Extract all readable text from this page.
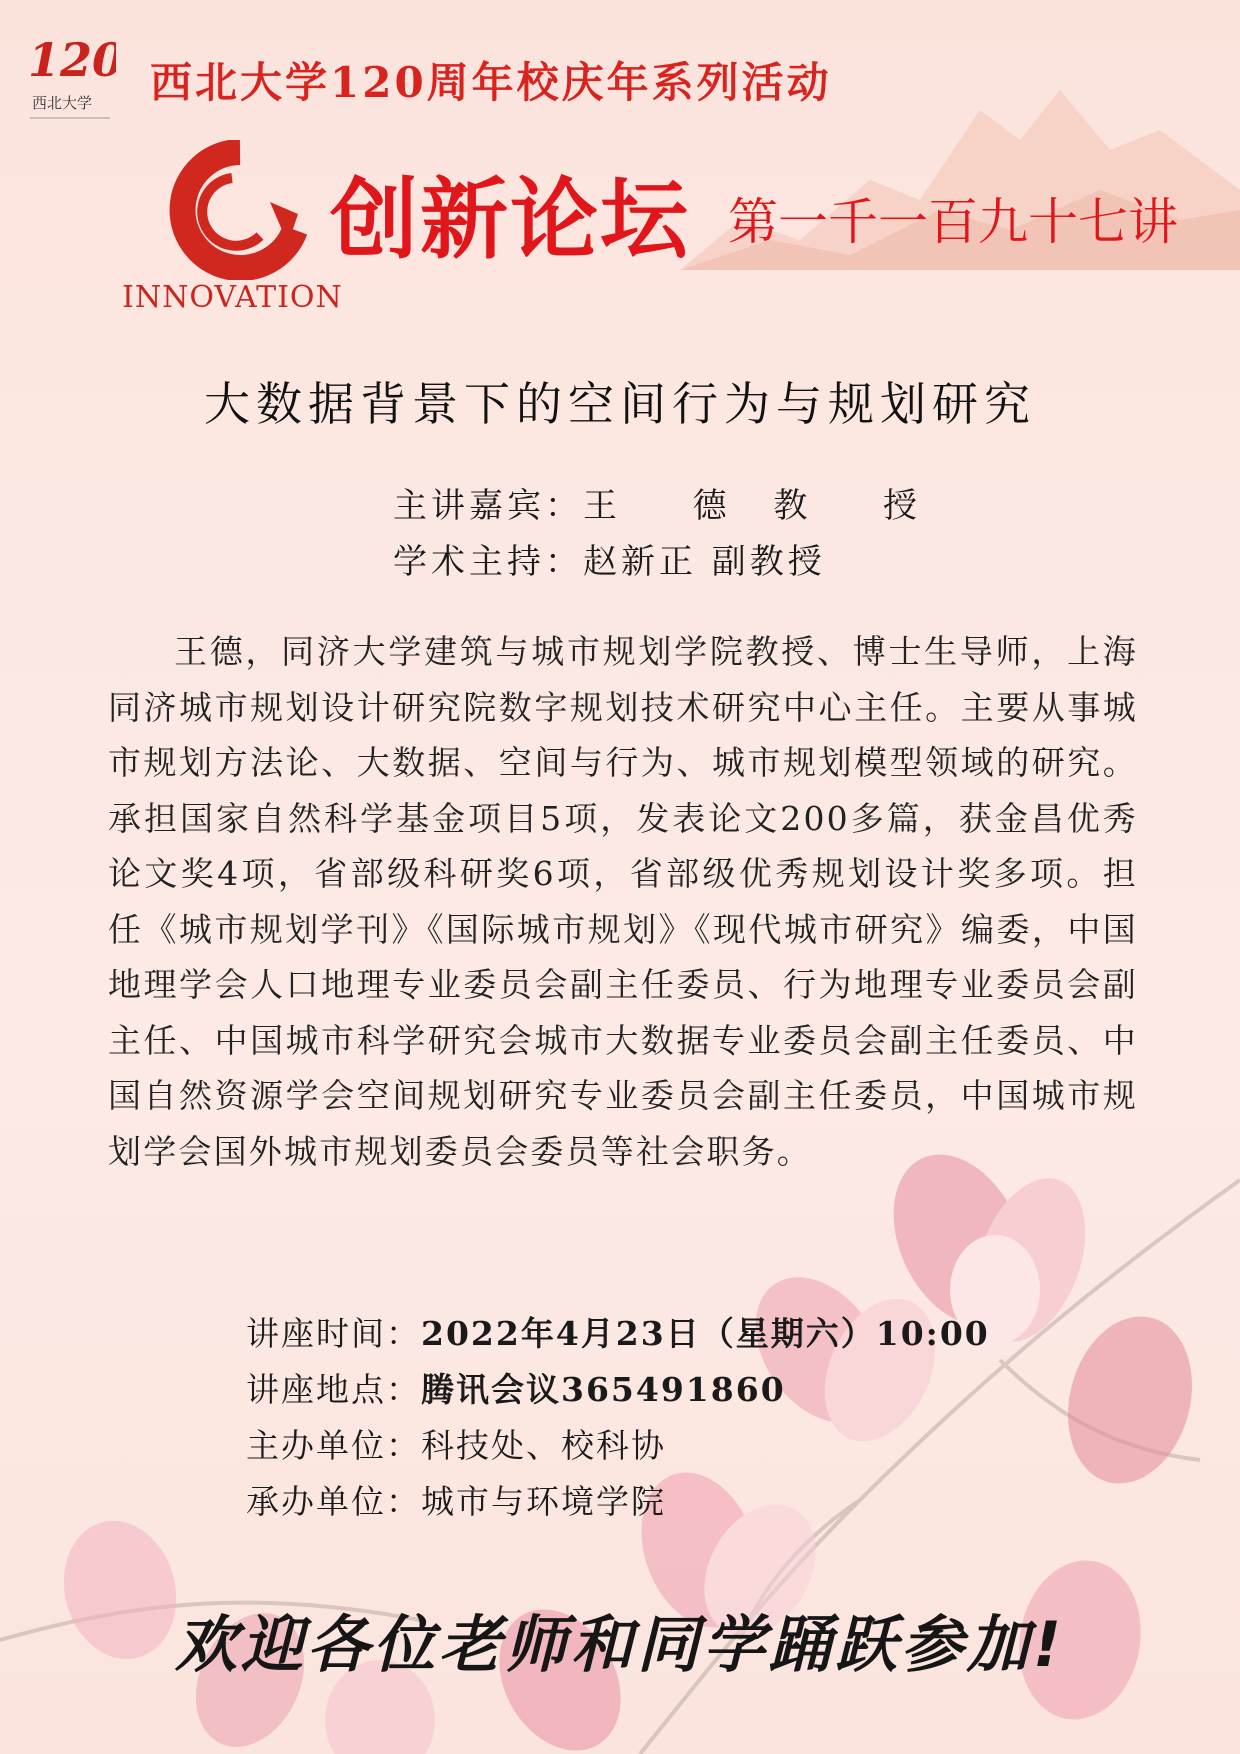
120
西北大学 西北大学120周年校庆年系列活动

INNOVATION

创新论坛 第一千一百九十七讲

大数据背景下的空间行为与规划研究
主讲嘉宾： 王  德 教  授
学术主持： 赵新正 副教授

王德，同济大学建筑与城市规划学院教授、博士生导师，上海同济城市规划设计研究院数字规划技术研究中心主任。主要从事城市规划方法论、大数据、空间与行为、城市规划模型领域的研究。承担国家自然科学基金项目5项，发表论文200多篇，获金昌优秀论文奖4项，省部级科研奖6项，省部级优秀规划设计奖多项。担任《城市规划学刊》《国际城市规划》《现代城市研究》编委，中国地理学会人口地理专业委员会副主任委员、行为地理专业委员会副主任、中国城市科学研究会城市大数据专业委员会副主任委员、中国自然资源学会空间规划研究专业委员会副主任委员，中国城市规划学会国外城市规划委员会委员等社会职务。

讲座时间：2022年4月23日（星期六）10:00
讲座地点：腾讯会议365491860
主办单位：科技处、校科协
承办单位：城市与环境学院

欢迎各位老师和同学踊跃参加!
